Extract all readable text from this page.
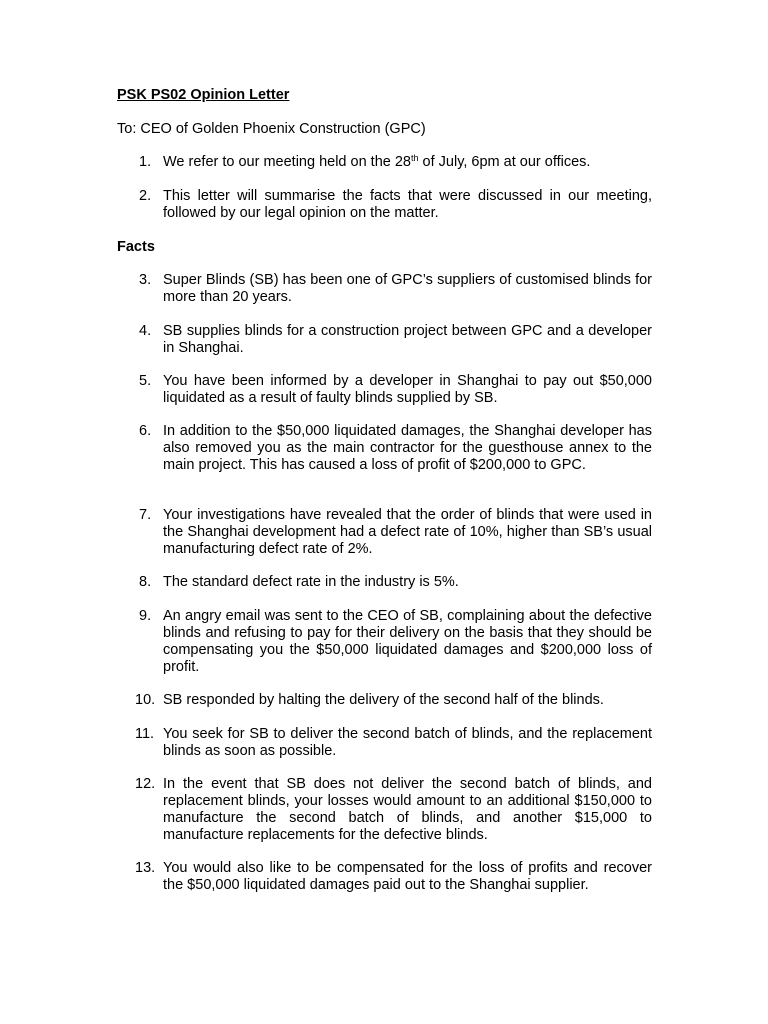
PSK PS02 Opinion Letter
To: CEO of Golden Phoenix Construction (GPC)
1. We refer to our meeting held on the 28th of July, 6pm at our offices.
2. This letter will summarise the facts that were discussed in our meeting, followed by our legal opinion on the matter.
Facts
3. Super Blinds (SB) has been one of GPC’s suppliers of customised blinds for more than 20 years.
4. SB supplies blinds for a construction project between GPC and a developer in Shanghai.
5. You have been informed by a developer in Shanghai to pay out $50,000 liquidated as a result of faulty blinds supplied by SB.
6. In addition to the $50,000 liquidated damages, the Shanghai developer has also removed you as the main contractor for the guesthouse annex to the main project. This has caused a loss of profit of $200,000 to GPC.
7. Your investigations have revealed that the order of blinds that were used in the Shanghai development had a defect rate of 10%, higher than SB’s usual manufacturing defect rate of 2%.
8. The standard defect rate in the industry is 5%.
9. An angry email was sent to the CEO of SB, complaining about the defective blinds and refusing to pay for their delivery on the basis that they should be compensating you the $50,000 liquidated damages and $200,000 loss of profit.
10. SB responded by halting the delivery of the second half of the blinds.
11. You seek for SB to deliver the second batch of blinds, and the replacement blinds as soon as possible.
12. In the event that SB does not deliver the second batch of blinds, and replacement blinds, your losses would amount to an additional $150,000 to manufacture the second batch of blinds, and another $15,000 to manufacture replacements for the defective blinds.
13. You would also like to be compensated for the loss of profits and recover the $50,000 liquidated damages paid out to the Shanghai supplier.
